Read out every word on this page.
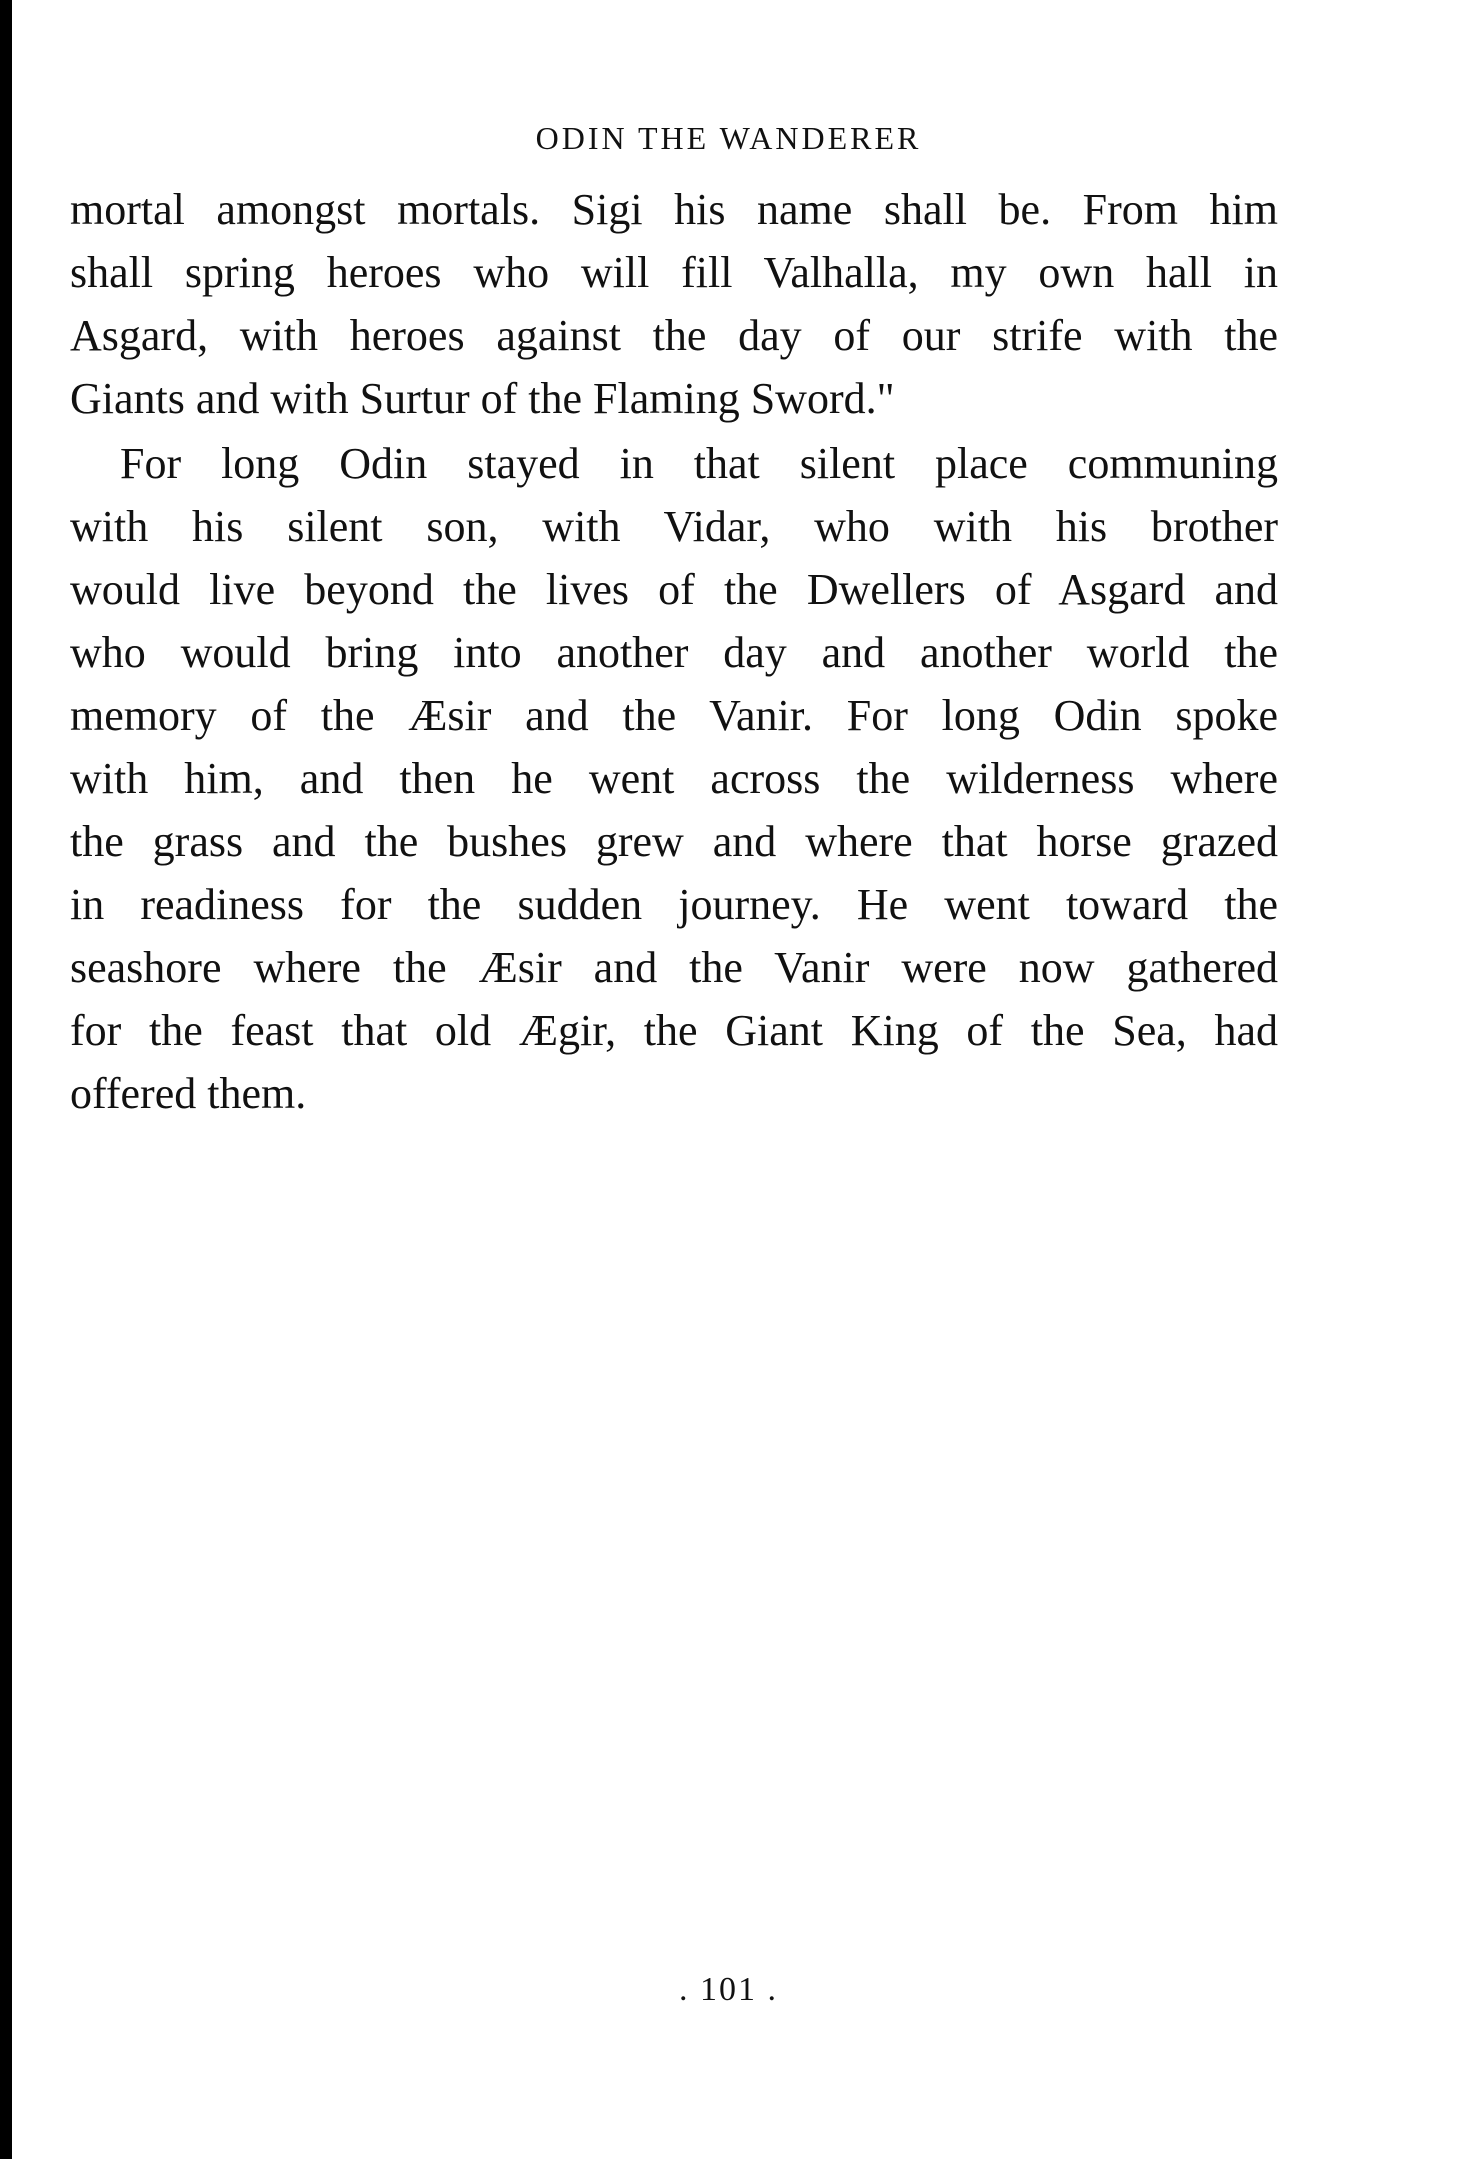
ODIN THE WANDERER
mortal amongst mortals. Sigi his name shall be. From him
shall spring heroes who will fill Valhalla, my own hall in
Asgard, with heroes against the day of our strife with the
Giants and with Surtur of the Flaming Sword."
For long Odin stayed in that silent place communing
with his silent son, with Vidar, who with his brother
would live beyond the lives of the Dwellers of Asgard and
who would bring into another day and another world the
memory of the Æsir and the Vanir. For long Odin spoke
with him, and then he went across the wilderness where
the grass and the bushes grew and where that horse grazed
in readiness for the sudden journey. He went toward the
seashore where the Æsir and the Vanir were now gathered
for the feast that old Ægir, the Giant King of the Sea, had
offered them.
. 101 .
